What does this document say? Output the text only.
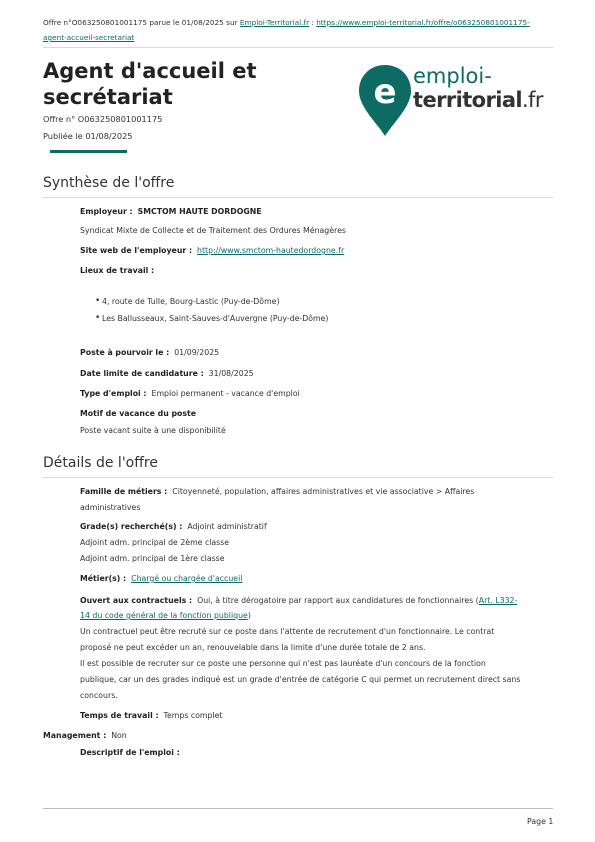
Offre n°O063250801001175 parue le 01/08/2025 sur Emploi-Territorial.fr : https://www.emploi-territorial.fr/offre/o063250801001175-agent-accueil-secretariat
Agent d'accueil et secrétariat
Offre n° O063250801001175
Publiée le 01/08/2025
e emploi-
territorial.fr
Synthèse de l'offre
Employeur : SMCTOM HAUTE DORDOGNE
Syndicat Mixte de Collecte et de Traitement des Ordures Ménagères
Site web de l'employeur : http://www.smctom-hautedordogne.fr
Lieux de travail :
• 4, route de Tulle, Bourg-Lastic (Puy-de-Dôme)
• Les Ballusseaux, Saint-Sauves-d'Auvergne (Puy-de-Dôme)
Poste à pourvoir le : 01/09/2025
Date limite de candidature : 31/08/2025
Type d'emploi : Emploi permanent - vacance d'emploi
Motif de vacance du poste
Poste vacant suite à une disponibilité
Détails de l'offre
Famille de métiers : Citoyenneté, population, affaires administratives et vie associative > Affaires
administratives
Grade(s) recherché(s) : Adjoint administratif
Adjoint adm. principal de 2ème classe
Adjoint adm. principal de 1ère classe
Métier(s) : Chargé ou chargée d'accueil
Ouvert aux contractuels : Oui, à titre dérogatoire par rapport aux candidatures de fonctionnaires (Art. L332-
14 du code général de la fonction publique)
Un contractuel peut être recruté sur ce poste dans l'attente de recrutement d'un fonctionnaire. Le contrat
proposé ne peut excéder un an, renouvelable dans la limite d'une durée totale de 2 ans.
Il est possible de recruter sur ce poste une personne qui n'est pas lauréate d'un concours de la fonction
publique, car un des grades indiqué est un grade d'entrée de catégorie C qui permet un recrutement direct sans
concours.
Temps de travail : Temps complet
Management : Non
Descriptif de l'emploi :
Page 1
